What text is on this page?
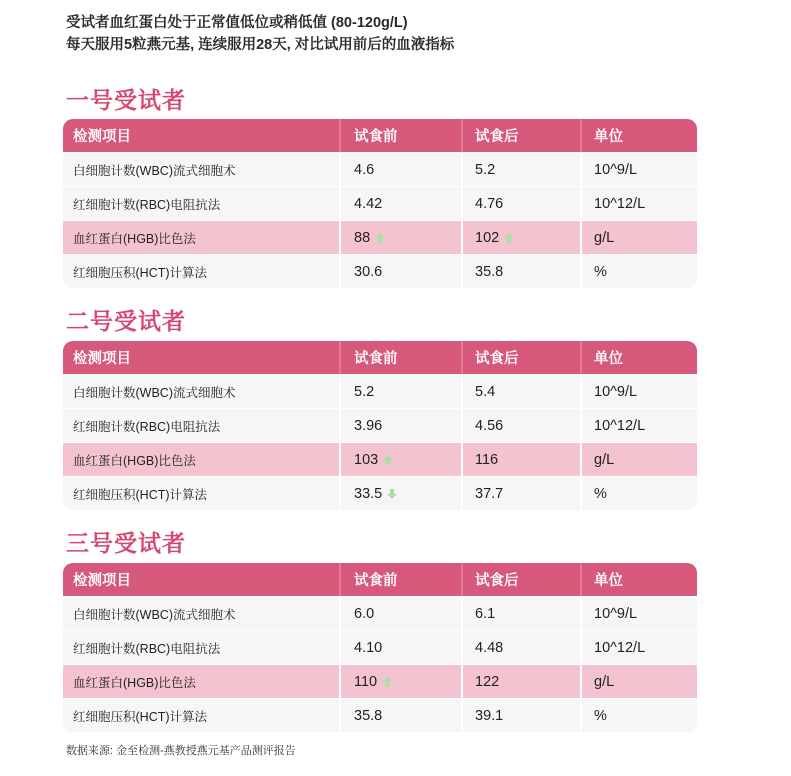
受试者血红蛋白处于正常值低位或稍低值 (80-120g/L)
每天服用5粒燕元基, 连续服用28天, 对比试用前后的血液指标
一号受试者
检测项目	试食前	试食后	单位
白细胞计数(WBC)流式细胞术	4.6	5.2	10^9/L
红细胞计数(RBC)电阻抗法	4.42	4.76	10^12/L
血红蛋白(HGB)比色法	88	102	g/L
红细胞压积(HCT)计算法	30.6	35.8	%
二号受试者
检测项目	试食前	试食后	单位
白细胞计数(WBC)流式细胞术	5.2	5.4	10^9/L
红细胞计数(RBC)电阻抗法	3.96	4.56	10^12/L
血红蛋白(HGB)比色法	103	116	g/L
红细胞压积(HCT)计算法	33.5	37.7	%
三号受试者
检测项目	试食前	试食后	单位
白细胞计数(WBC)流式细胞术	6.0	6.1	10^9/L
红细胞计数(RBC)电阻抗法	4.10	4.48	10^12/L
血红蛋白(HGB)比色法	110	122	g/L
红细胞压积(HCT)计算法	35.8	39.1	%
数据来源: 金至检测-燕教授燕元基产品测评报告
